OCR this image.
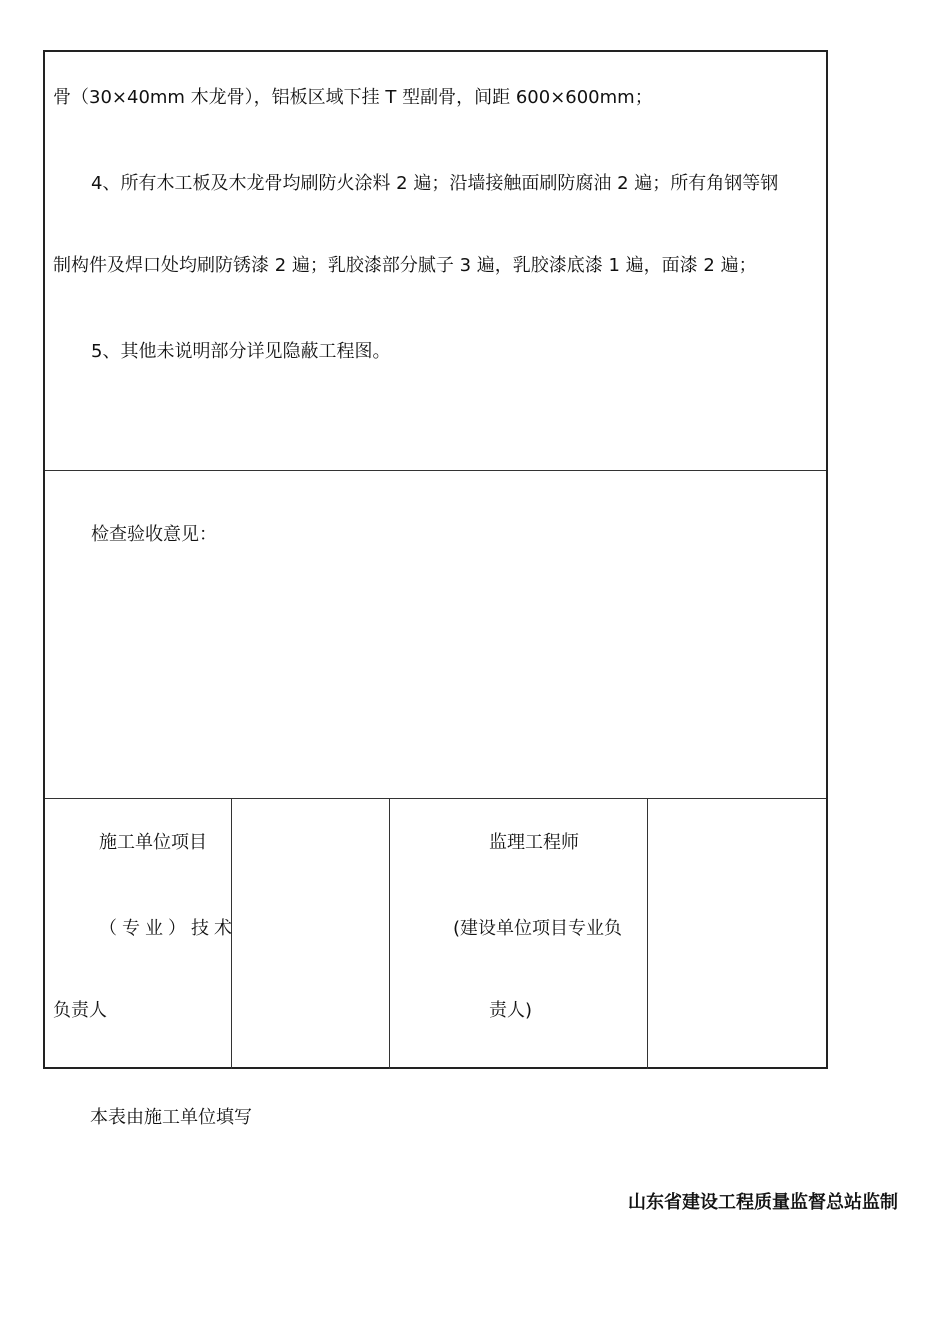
骨（30×40mm 木龙骨），铝板区域下挂 T 型副骨，间距 600×600mm；
4、所有木工板及木龙骨均刷防火涂料 2 遍；沿墙接触面刷防腐油 2 遍；所有角钢等钢
制构件及焊口处均刷防锈漆 2 遍；乳胶漆部分腻子 3 遍，乳胶漆底漆 1 遍，面漆 2 遍；
5、其他未说明部分详见隐蔽工程图。
检查验收意见：
施工单位项目
（专业）技术
负责人
监理工程师
(建设单位项目专业负
责人)
本表由施工单位填写
山东省建设工程质量监督总站监制
